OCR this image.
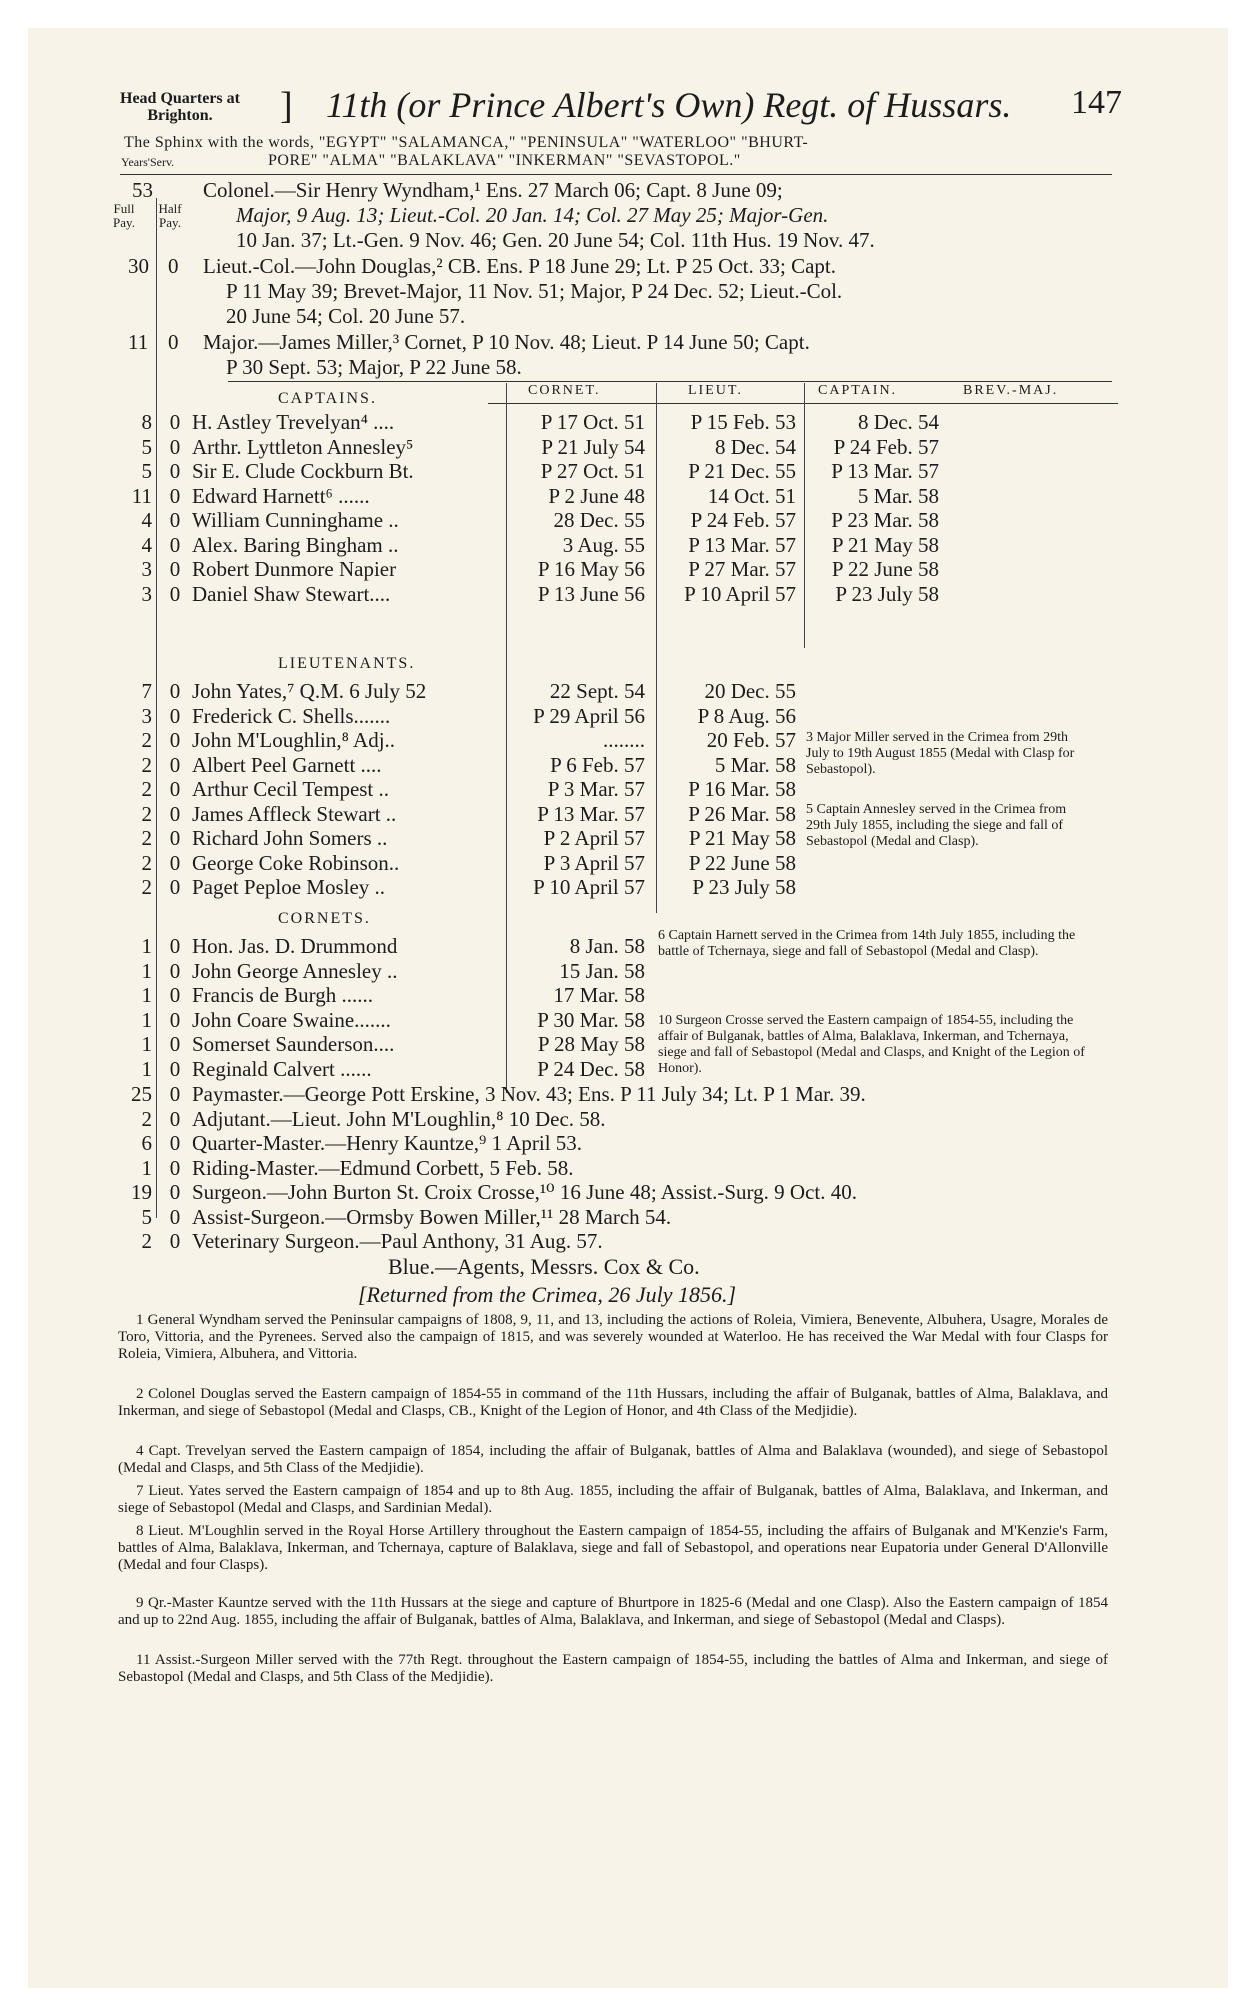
Head Quarters at
Brighton.	] 11th (or Prince Albert's Own) Regt. of Hussars. 147
The Sphinx with the words, "EGYPT" "SALAMANCA," "PENINSULA" "WATERLOO" "BHURT-
Years'Serv.	PORE" "ALMA" "BALAKLAVA" "INKERMAN" "SEVASTOPOL."
53 Colonel.—Sir Henry Wyndham,¹ Ens. 27 March 06; Capt. 8 June 09;
Full Pay.
Half Pay.	Major, 9 Aug. 13; Lieut.-Col. 20 Jan. 14; Col. 27 May 25; Major-Gen.
10 Jan. 37; Lt.-Gen. 9 Nov. 46; Gen. 20 June 54; Col. 11th Hus. 19 Nov. 47.
30 0 Lieut.-Col.—John Douglas,² CB. Ens. P 18 June 29; Lt. P 25 Oct. 33; Capt.
P 11 May 39; Brevet-Major, 11 Nov. 51; Major, P 24 Dec. 52; Lieut.-Col.
20 June 54; Col. 20 June 57.
11 0 Major.—James Miller,³ Cornet, P 10 Nov. 48; Lieut. P 14 June 50; Capt.
P 30 Sept. 53; Major, P 22 June 58.
CAPTAINS.	CORNET.	LIEUT.	CAPTAIN.	BREV.-MAJ.
8 0 H. Astley Trevelyan⁴ ....	P 17 Oct. 51	P 15 Feb. 53	8 Dec. 54
5 0 Arthr. Lyttleton Annesley⁵	P 21 July 54	8 Dec. 54	P 24 Feb. 57
5 0 Sir E. Clude Cockburn Bt.	P 27 Oct. 51	P 21 Dec. 55	P 13 Mar. 57
11 0 Edward Harnett⁶ ......	P 2 June 48	14 Oct. 51	5 Mar. 58
4 0 William Cunninghame ..	28 Dec. 55	P 24 Feb. 57	P 23 Mar. 58
4 0 Alex. Baring Bingham ..	3 Aug. 55	P 13 Mar. 57	P 21 May 58
3 0 Robert Dunmore Napier	P 16 May 56	P 27 Mar. 57	P 22 June 58
3 0 Daniel Shaw Stewart....	P 13 June 56	P 10 April 57	P 23 July 58
LIEUTENANTS.
7 0 John Yates,⁷ Q.M. 6 July 52	22 Sept. 54	20 Dec. 55
3 0 Frederick C. Shells.......	P 29 April 56	P 8 Aug. 56
2 0 John M'Loughlin,⁸ Adj..	........	20 Feb. 57
2 0 Albert Peel Garnett ....	P 6 Feb. 57	5 Mar. 58
2 0 Arthur Cecil Tempest ..	P 3 Mar. 57	P 16 Mar. 58
2 0 James Affleck Stewart ..	P 13 Mar. 57	P 26 Mar. 58
2 0 Richard John Somers ..	P 2 April 57	P 21 May 58
2 0 George Coke Robinson..	P 3 April 57	P 22 June 58
2 0 Paget Peploe Mosley ..	P 10 April 57	P 23 July 58
CORNETS.
1 0 Hon. Jas. D. Drummond	8 Jan. 58
1 0 John George Annesley ..	15 Jan. 58
1 0 Francis de Burgh ......	17 Mar. 58
1 0 John Coare Swaine.......	P 30 Mar. 58
1 0 Somerset Saunderson....	P 28 May 58
1 0 Reginald Calvert ......	P 24 Dec. 58
3 Major Miller served in the Crimea from 29th July to 19th August 1855 (Medal with Clasp for Sebastopol).
5 Captain Annesley served in the Crimea from 29th July 1855, including the siege and fall of Sebastopol (Medal and Clasp).
6 Captain Harnett served in the Crimea from 14th July 1855, including the battle of Tchernaya, siege and fall of Sebastopol (Medal and Clasp).
10 Surgeon Crosse served the Eastern campaign of 1854-55, including the affair of Bulganak, battles of Alma, Balaklava, Inkerman, and Tchernaya, siege and fall of Sebastopol (Medal and Clasps, and Knight of the Legion of Honor).
25 0 Paymaster.—George Pott Erskine, 3 Nov. 43; Ens. P 11 July 34; Lt. P 1 Mar. 39.
2 0 Adjutant.—Lieut. John M'Loughlin,⁸ 10 Dec. 58.
6 0 Quarter-Master.—Henry Kauntze,⁹ 1 April 53.
1 0 Riding-Master.—Edmund Corbett, 5 Feb. 58.
19 0 Surgeon.—John Burton St. Croix Crosse,¹⁰ 16 June 48; Assist.-Surg. 9 Oct. 40.
5 0 Assist-Surgeon.—Ormsby Bowen Miller,¹¹ 28 March 54.
2 0 Veterinary Surgeon.—Paul Anthony, 31 Aug. 57.
Blue.—Agents, Messrs. Cox & Co.
[Returned from the Crimea, 26 July 1856.]
1 General Wyndham served the Peninsular campaigns of 1808, 9, 11, and 13, including the actions of Roleia, Vimiera, Benevente, Albuhera, Usagre, Morales de Toro, Vittoria, and the Pyrenees. Served also the campaign of 1815, and was severely wounded at Waterloo. He has received the War Medal with four Clasps for Roleia, Vimiera, Albuhera, and Vittoria.
2 Colonel Douglas served the Eastern campaign of 1854-55 in command of the 11th Hussars, including the affair of Bulganak, battles of Alma, Balaklava, and Inkerman, and siege of Sebastopol (Medal and Clasps, CB., Knight of the Legion of Honor, and 4th Class of the Medjidie).
4 Capt. Trevelyan served the Eastern campaign of 1854, including the affair of Bulganak, battles of Alma and Balaklava (wounded), and siege of Sebastopol (Medal and Clasps, and 5th Class of the Medjidie).
7 Lieut. Yates served the Eastern campaign of 1854 and up to 8th Aug. 1855, including the affair of Bulganak, battles of Alma, Balaklava, and Inkerman, and siege of Sebastopol (Medal and Clasps, and Sardinian Medal).
8 Lieut. M'Loughlin served in the Royal Horse Artillery throughout the Eastern campaign of 1854-55, including the affairs of Bulganak and M'Kenzie's Farm, battles of Alma, Balaklava, Inkerman, and Tchernaya, capture of Balaklava, siege and fall of Sebastopol, and operations near Eupatoria under General D'Allonville (Medal and four Clasps).
9 Qr.-Master Kauntze served with the 11th Hussars at the siege and capture of Bhurtpore in 1825-6 (Medal and one Clasp). Also the Eastern campaign of 1854 and up to 22nd Aug. 1855, including the affair of Bulganak, battles of Alma, Balaklava, and Inkerman, and siege of Sebastopol (Medal and Clasps).
11 Assist.-Surgeon Miller served with the 77th Regt. throughout the Eastern campaign of 1854-55, including the battles of Alma and Inkerman, and siege of Sebastopol (Medal and Clasps, and 5th Class of the Medjidie).
